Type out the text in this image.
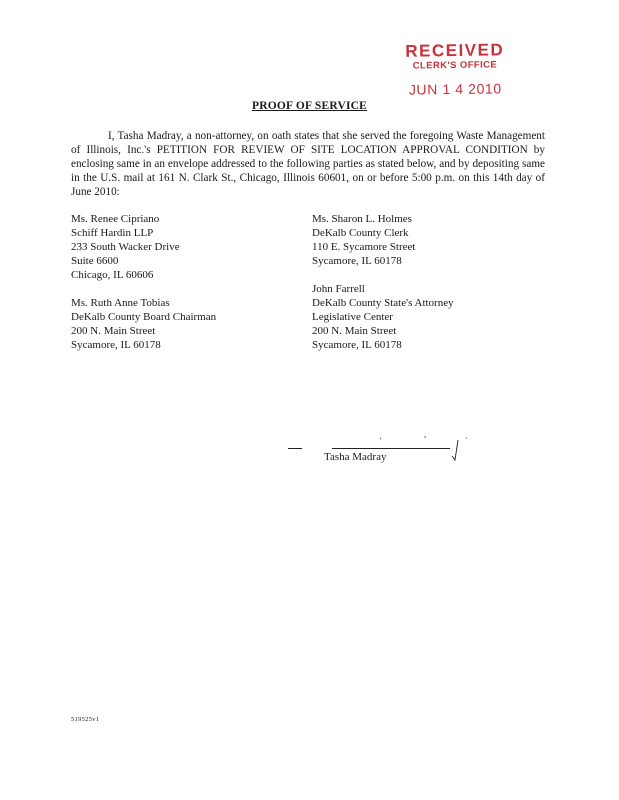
RECEIVED
CLERK'S OFFICE
JUN 1 4 2010
PROOF OF SERVICE

I, Tasha Madray, a non-attorney, on oath states that she served the foregoing Waste Management of Illinois, Inc.'s PETITION FOR REVIEW OF SITE LOCATION APPROVAL CONDITION by enclosing same in an envelope addressed to the following parties as stated below, and by depositing same in the U.S. mail at 161 N. Clark St., Chicago, Illinois 60601, on or before 5:00 p.m. on this 14th day of June 2010:

Ms. Renee Cipriano
Schiff Hardin LLP
233 South Wacker Drive
Suite 6600
Chicago, IL 60606
Ms. Ruth Anne Tobias
DeKalb County Board Chairman
200 N. Main Street
Sycamore, IL 60178
Ms. Sharon L. Holmes
DeKalb County Clerk
110 E. Sycamore Street
Sycamore, IL 60178
John Farrell
DeKalb County State's Attorney
Legislative Center
200 N. Main Street
Sycamore, IL 60178
'
,
`
Tasha Madray
519525v1
